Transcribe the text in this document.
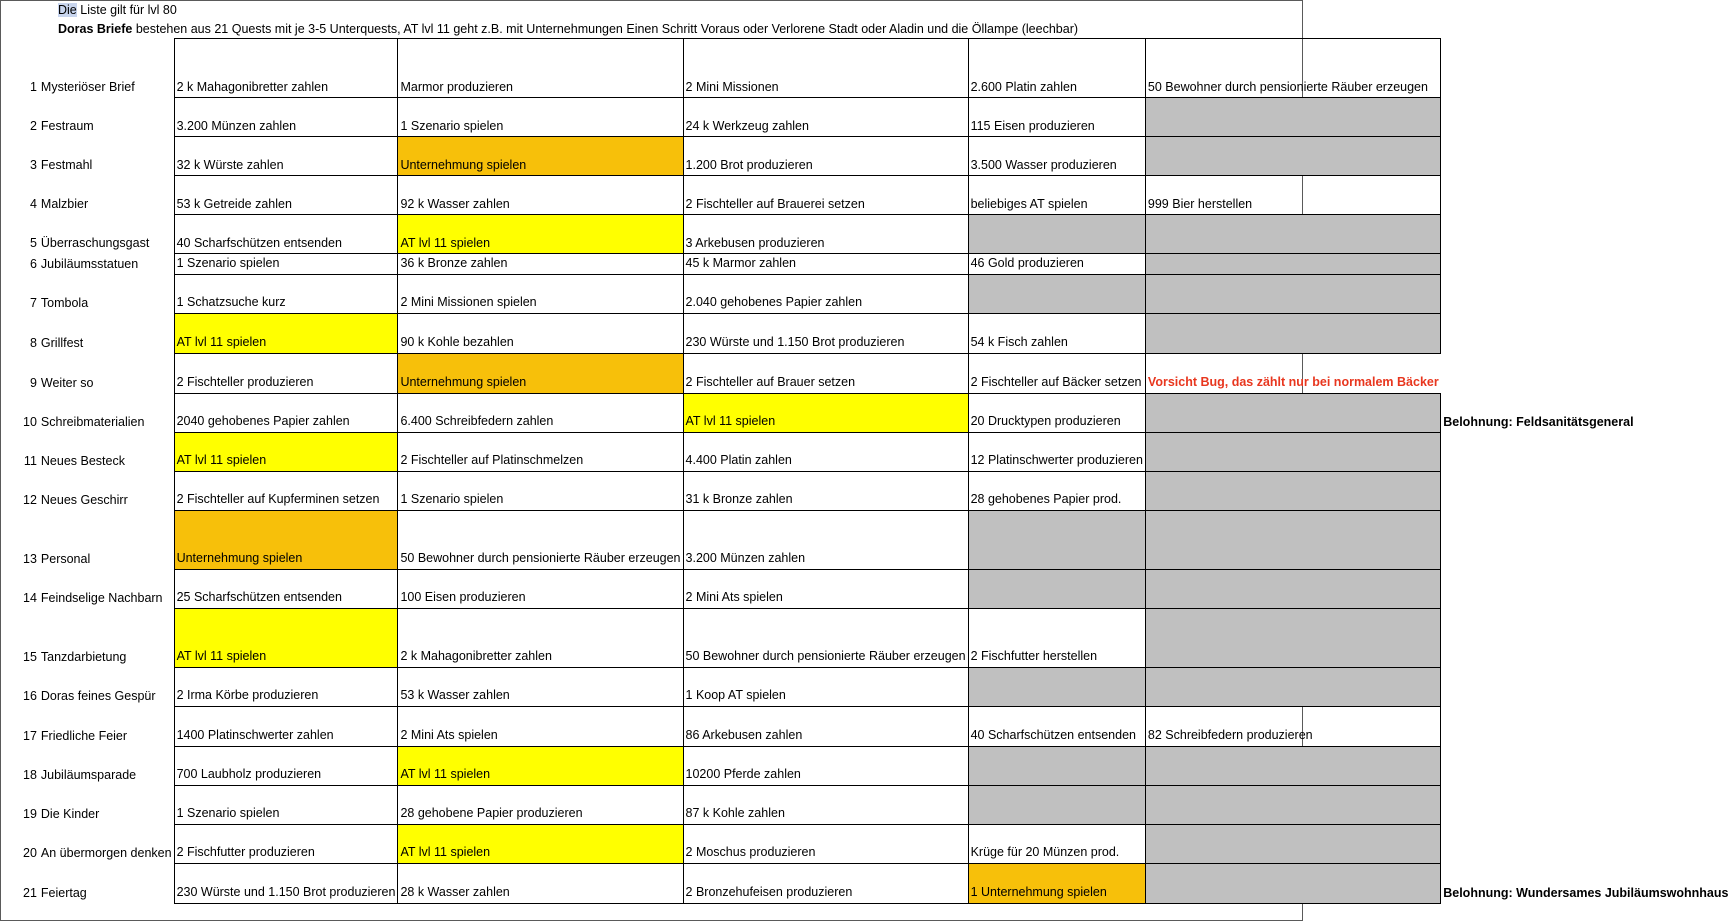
Die Liste gilt für lvl 80
Doras Briefe bestehen aus 21 Quests mit je 3-5 Unterquests, AT lvl 11 geht z.B. mit Unternehmungen Einen Schritt Voraus oder Verlorene Stadt oder Aladin und die Öllampe (leechbar)
1	Mysteriöser Brief	2 k Mahagonibretter zahlen	Marmor produzieren	2 Mini Missionen	2.600 Platin zahlen	50 Bewohner durch pensionierte Räuber erzeugen	
2	Festraum	3.200 Münzen zahlen	1 Szenario spielen	24 k Werkzeug zahlen	115 Eisen produzieren		
3	Festmahl	32 k Würste zahlen	Unternehmung spielen	1.200 Brot produzieren	3.500 Wasser produzieren		
4	Malzbier	53 k Getreide zahlen	92 k Wasser zahlen	2 Fischteller auf Brauerei setzen	beliebiges AT spielen	999 Bier herstellen	
5	Überraschungsgast	40 Scharfschützen entsenden	AT lvl 11 spielen	3 Arkebusen produzieren			
6	Jubiläumsstatuen	1 Szenario spielen	36 k Bronze zahlen	45 k Marmor zahlen	46 Gold produzieren		
7	Tombola	1 Schatzsuche kurz	2 Mini Missionen spielen	2.040 gehobenes Papier zahlen			
8	Grillfest	AT lvl 11 spielen	90 k Kohle bezahlen	230 Würste und 1.150 Brot produzieren	54 k Fisch zahlen		
9	Weiter so	2 Fischteller produzieren	Unternehmung spielen	2 Fischteller auf Brauer setzen	2 Fischteller auf Bäcker setzen	Vorsicht Bug, das zählt nur bei normalem Bäcker	
10	Schreibmaterialien	2040 gehobenes Papier zahlen	6.400 Schreibfedern zahlen	AT lvl 11 spielen	20 Drucktypen produzieren		Belohnung: Feldsanitätsgeneral
11	Neues Besteck	AT lvl 11 spielen	2 Fischteller auf Platinschmelzen	4.400 Platin zahlen	12 Platinschwerter produzieren		
12	Neues Geschirr	2 Fischteller auf Kupferminen setzen	1 Szenario spielen	31 k Bronze zahlen	28 gehobenes Papier prod.		
13	Personal	Unternehmung spielen	50 Bewohner durch pensionierte Räuber erzeugen	3.200 Münzen zahlen			
14	Feindselige Nachbarn	25 Scharfschützen entsenden	100 Eisen produzieren	2 Mini Ats spielen			
15	Tanzdarbietung	AT lvl 11 spielen	2 k Mahagonibretter zahlen	50 Bewohner durch pensionierte Räuber erzeugen	2 Fischfutter herstellen		
16	Doras feines Gespür	2 Irma Körbe produzieren	53 k Wasser zahlen	1 Koop AT spielen			
17	Friedliche Feier	1400 Platinschwerter zahlen	2 Mini Ats spielen	86 Arkebusen zahlen	40 Scharfschützen entsenden	82 Schreibfedern produzieren	
18	Jubiläumsparade	700 Laubholz produzieren	AT lvl 11 spielen	10200 Pferde zahlen			
19	Die Kinder	1 Szenario spielen	28 gehobene Papier produzieren	87 k Kohle zahlen			
20	An übermorgen denken	2 Fischfutter produzieren	AT lvl 11 spielen	2 Moschus produzieren	Krüge für 20 Münzen prod.		
21	Feiertag	230 Würste und 1.150 Brot produzieren	28 k Wasser zahlen	2 Bronzehufeisen produzieren	1 Unternehmung spielen		Belohnung: Wundersames Jubiläumswohnhaus
